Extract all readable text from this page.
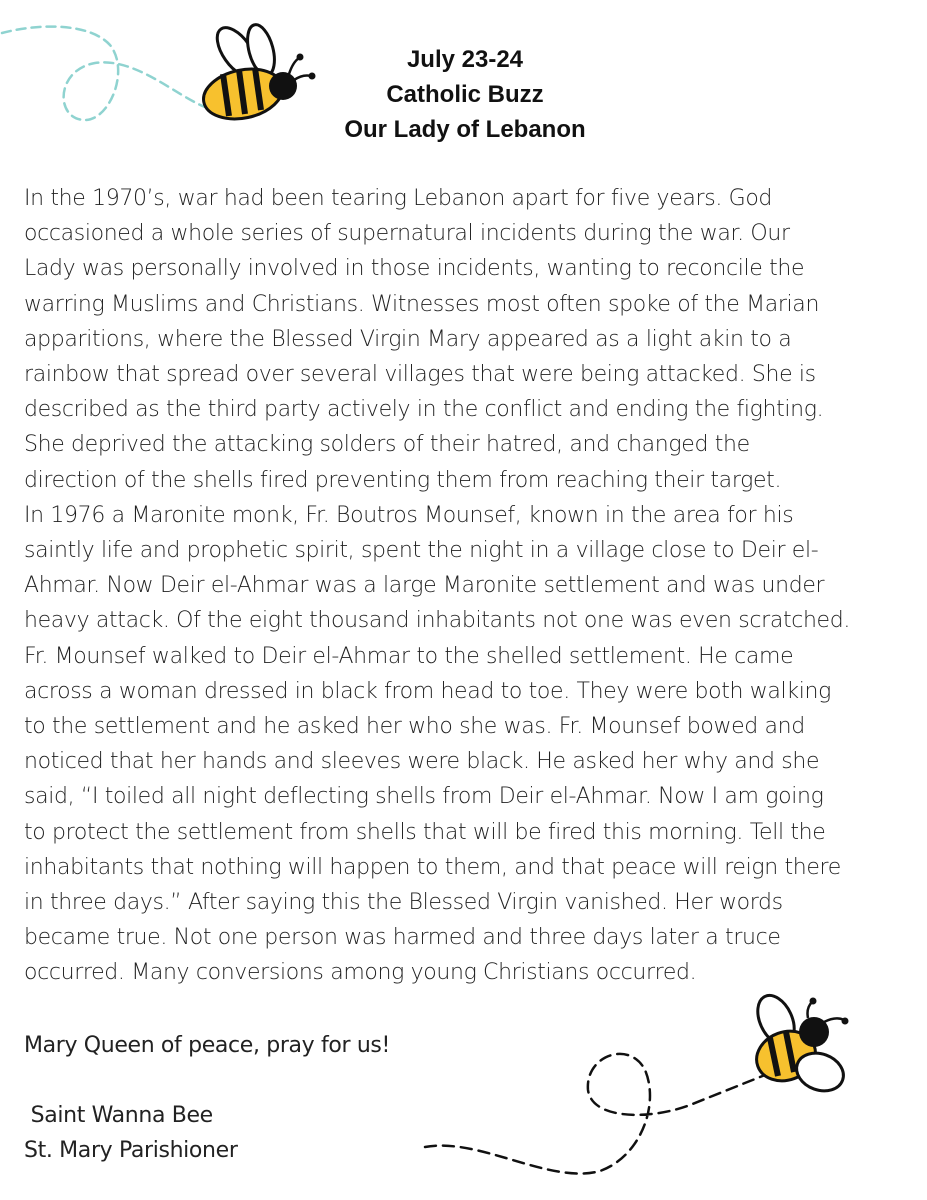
July 23-24
Catholic Buzz
Our Lady of Lebanon
In the 1970’s, war had been tearing Lebanon apart for five years. God
occasioned a whole series of supernatural incidents during the war. Our
Lady was personally involved in those incidents, wanting to reconcile the
warring Muslims and Christians. Witnesses most often spoke of the Marian
apparitions, where the Blessed Virgin Mary appeared as a light akin to a
rainbow that spread over several villages that were being attacked. She is
described as the third party actively in the conflict and ending the fighting.
She deprived the attacking solders of their hatred, and changed the
direction of the shells fired preventing them from reaching their target.
In 1976 a Maronite monk, Fr. Boutros Mounsef, known in the area for his
saintly life and prophetic spirit, spent the night in a village close to Deir el-
Ahmar. Now Deir el-Ahmar was a large Maronite settlement and was under
heavy attack. Of the eight thousand inhabitants not one was even scratched.
Fr. Mounsef walked to Deir el-Ahmar to the shelled settlement. He came
across a woman dressed in black from head to toe. They were both walking
to the settlement and he asked her who she was. Fr. Mounsef bowed and
noticed that her hands and sleeves were black. He asked her why and she
said, “I toiled all night deflecting shells from Deir el-Ahmar. Now I am going
to protect the settlement from shells that will be fired this morning. Tell the
inhabitants that nothing will happen to them, and that peace will reign there
in three days.” After saying this the Blessed Virgin vanished. Her words
became true. Not one person was harmed and three days later a truce
occurred. Many conversions among young Christians occurred.
Mary Queen of peace, pray for us!
Saint Wanna Bee
St. Mary Parishioner
